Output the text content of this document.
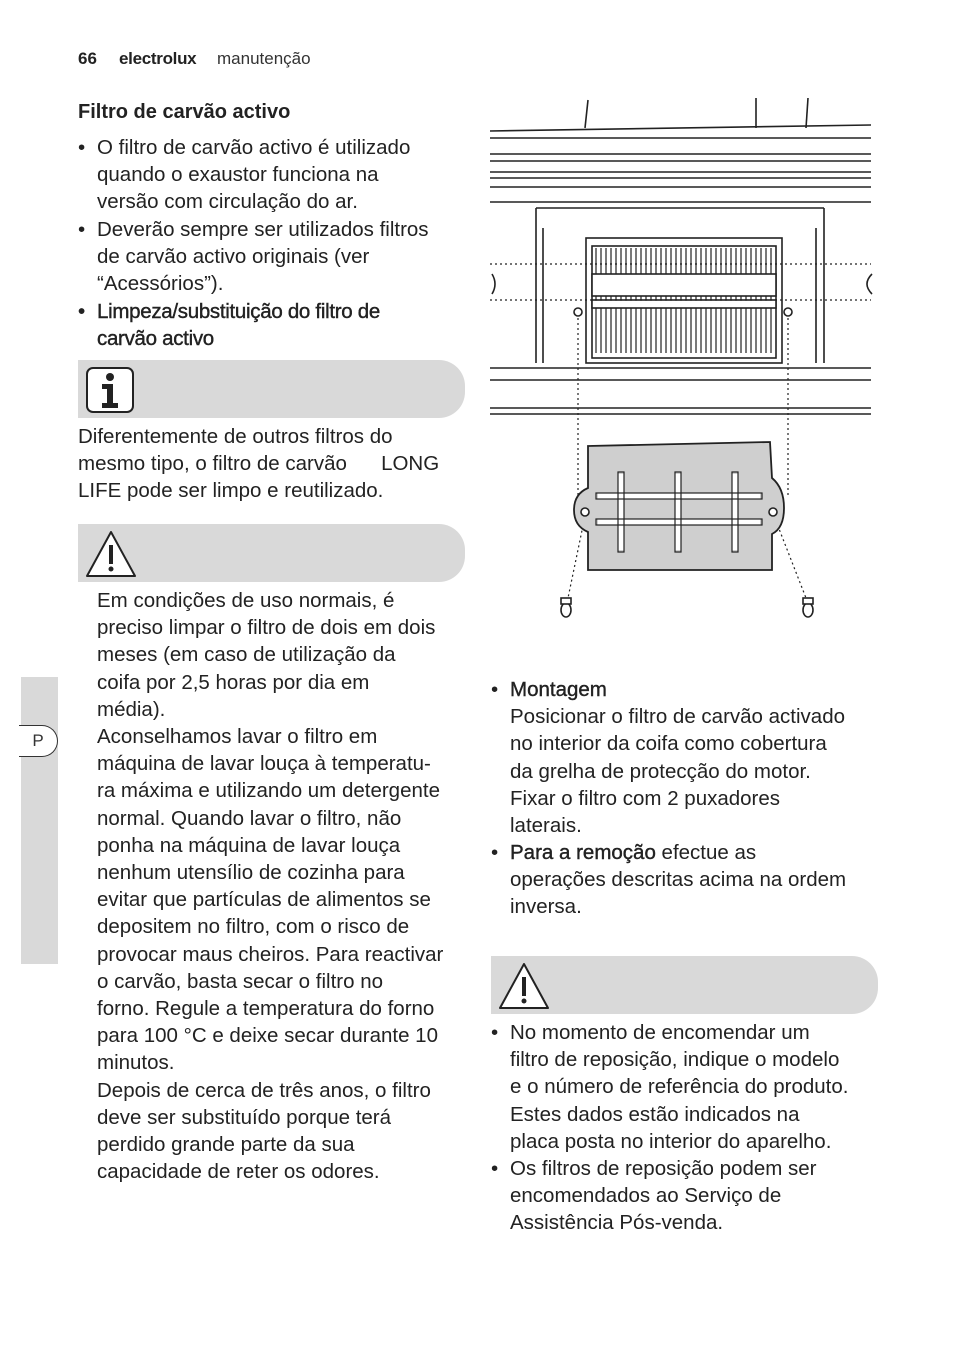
66 electrolux manutenção
P
Filtro de carvão activo
• O filtro de carvão activo é utilizado
quando o exaustor funciona na
versão com circulação do ar.
• Deverão sempre ser utilizados filtros
de carvão activo originais (ver
“Acessórios”).
• Limpeza/substituição do filtro de
carvão activo
Diferentemente de outros filtros do
mesmo tipo, o filtro de carvão      LONG
LIFE pode ser limpo e reutilizado.
Em condições de uso normais, é
preciso limpar o filtro de dois em dois
meses (em caso de utilização da
coifa por 2,5 horas por dia em
média).
Aconselhamos lavar o filtro em
máquina de lavar louça à temperatu-
ra máxima e utilizando um detergente
normal. Quando lavar o filtro, não
ponha na máquina de lavar louça
nenhum utensílio de cozinha para
evitar que partículas de alimentos se
depositem no filtro, com o risco de
provocar maus cheiros. Para reactivar
o carvão, basta secar o filtro no
forno. Regule a temperatura do forno
para 100 °C e deixe secar durante 10
minutos.
Depois de cerca de três anos, o filtro
deve ser substituído porque terá
perdido grande parte da sua
capacidade de reter os odores.
• Montagem
Posicionar o filtro de carvão activado
no interior da coifa como cobertura
da grelha de protecção do motor.
Fixar o filtro com 2 puxadores
laterais.
• Para a remoção efectue as
operações descritas acima na ordem
inversa.
• No momento de encomendar um
filtro de reposição, indique o modelo
e o número de referência do produto.
Estes dados estão indicados na
placa posta no interior do aparelho.
• Os filtros de reposição podem ser
encomendados ao Serviço de
Assistência Pós-venda.
